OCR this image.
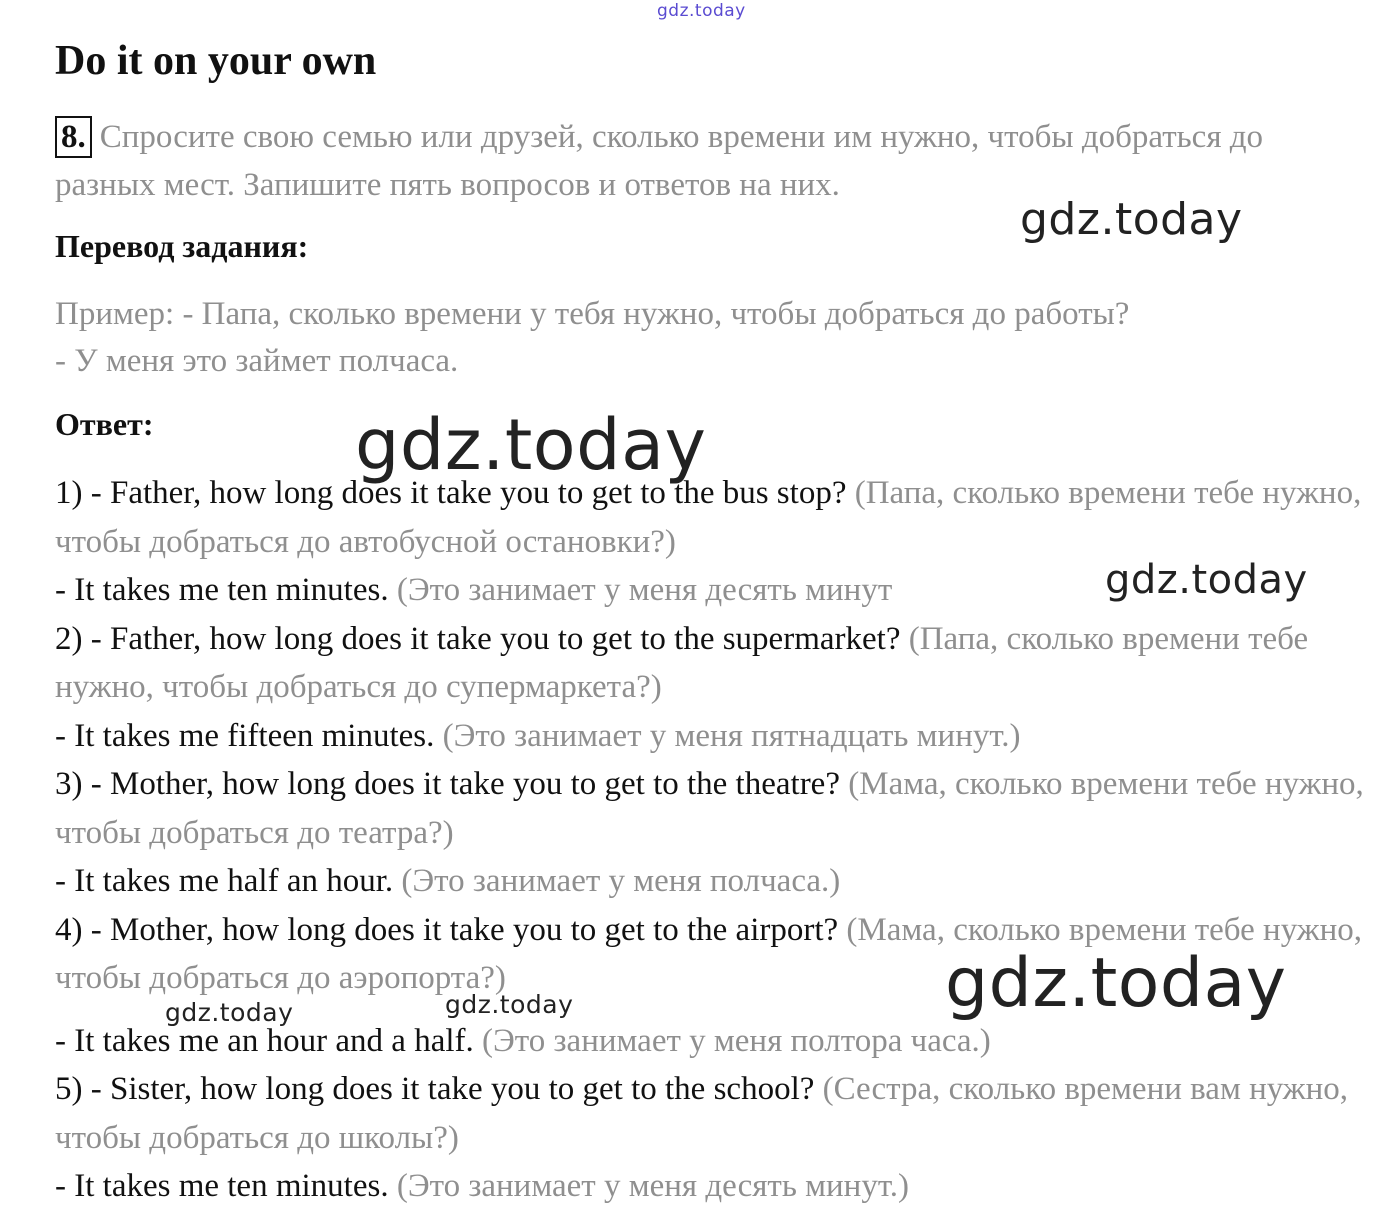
gdz.today
Do it on your own
8. Спросите свою семью или друзей, сколько времени им нужно, чтобы добраться до разных мест. Запишите пять вопросов и ответов на них.
gdz.today
Перевод задания:
Пример: - Папа, сколько времени у тебя нужно, чтобы добраться до работы?
- У меня это займет полчаса.
Ответ:	gdz.today
1) - Father, how long does it take you to get to the bus stop? (Папа, сколько времени тебе нужно, чтобы добраться до автобусной остановки?)
- It takes me ten minutes. (Это занимает у меня десять минут
2) - Father, how long does it take you to get to the supermarket? (Папа, сколько времени тебе нужно, чтобы добраться до супермаркета?)
- It takes me fifteen minutes. (Это занимает у меня пятнадцать минут.)
3) - Mother, how long does it take you to get to the theatre? (Мама, сколько времени тебе нужно, чтобы добраться до театра?)
- It takes me half an hour. (Это занимает у меня полчаса.)
4) - Mother, how long does it take you to get to the airport? (Мама, сколько времени тебе нужно, чтобы добраться до аэропорта?)
- It takes me an hour and a half. (Это занимает у меня полтора часа.)
5) - Sister, how long does it take you to get to the school? (Сестра, сколько времени вам нужно, чтобы добраться до школы?)
- It takes me ten minutes. (Это занимает у меня десять минут.)
gdz.today
gdz.today
gdz.today	gdz.today
